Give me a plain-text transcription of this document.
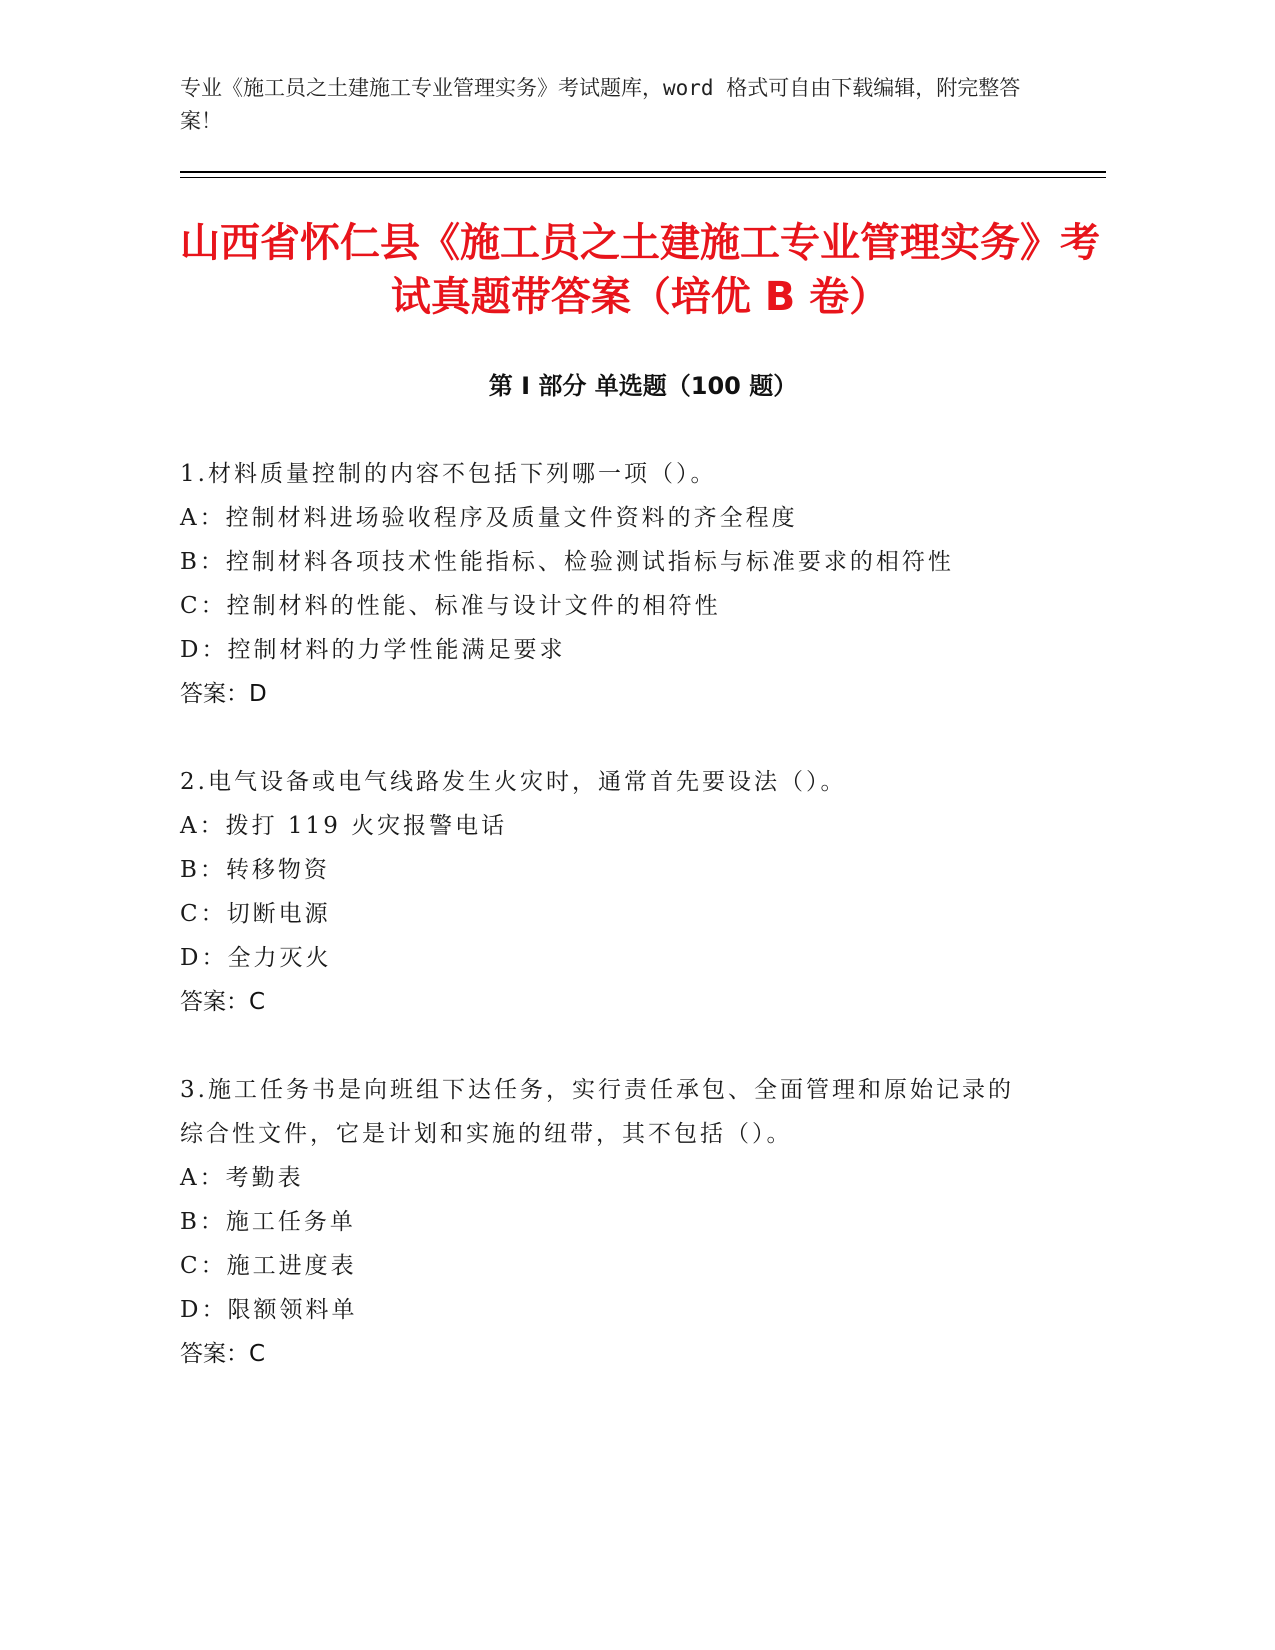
专业《施工员之土建施工专业管理实务》考试题库，word 格式可自由下载编辑，附完整答案！
山西省怀仁县《施工员之土建施工专业管理实务》考试真题带答案（培优 B 卷）
第 I 部分 单选题（100 题）
1.材料质量控制的内容不包括下列哪一项（）。
A：控制材料进场验收程序及质量文件资料的齐全程度
B：控制材料各项技术性能指标、检验测试指标与标准要求的相符性
C：控制材料的性能、标准与设计文件的相符性
D：控制材料的力学性能满足要求
答案：D
2.电气设备或电气线路发生火灾时，通常首先要设法（）。
A：拨打 119 火灾报警电话
B：转移物资
C：切断电源
D：全力灭火
答案：C
3.施工任务书是向班组下达任务，实行责任承包、全面管理和原始记录的综合性文件，它是计划和实施的纽带，其不包括（）。
A：考勤表
B：施工任务单
C：施工进度表
D：限额领料单
答案：C
